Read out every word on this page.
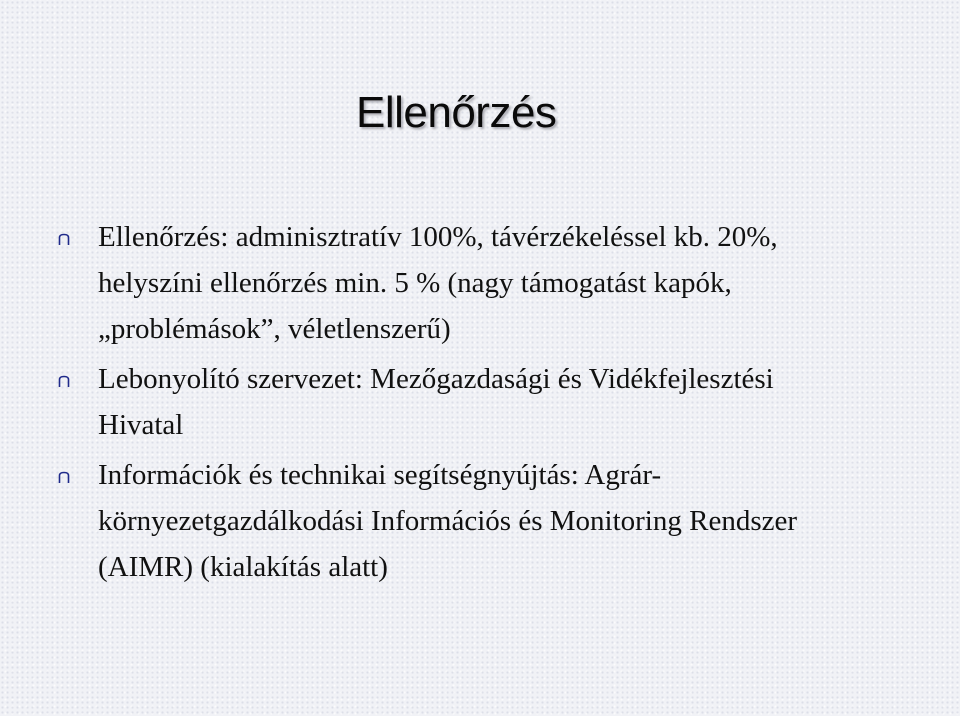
Ellenőrzés

Ellenőrzés: adminisztratív 100%, távérzékeléssel kb. 20%, helyszíni ellenőrzés min. 5 % (nagy támogatást kapók, „problémások”, véletlenszerű)

Lebonyolító szervezet: Mezőgazdasági és Vidékfejlesztési Hivatal

Információk és technikai segítségnyújtás: Agrár-környezetgazdálkodási Információs és Monitoring Rendszer (AIMR) (kialakítás alatt)
